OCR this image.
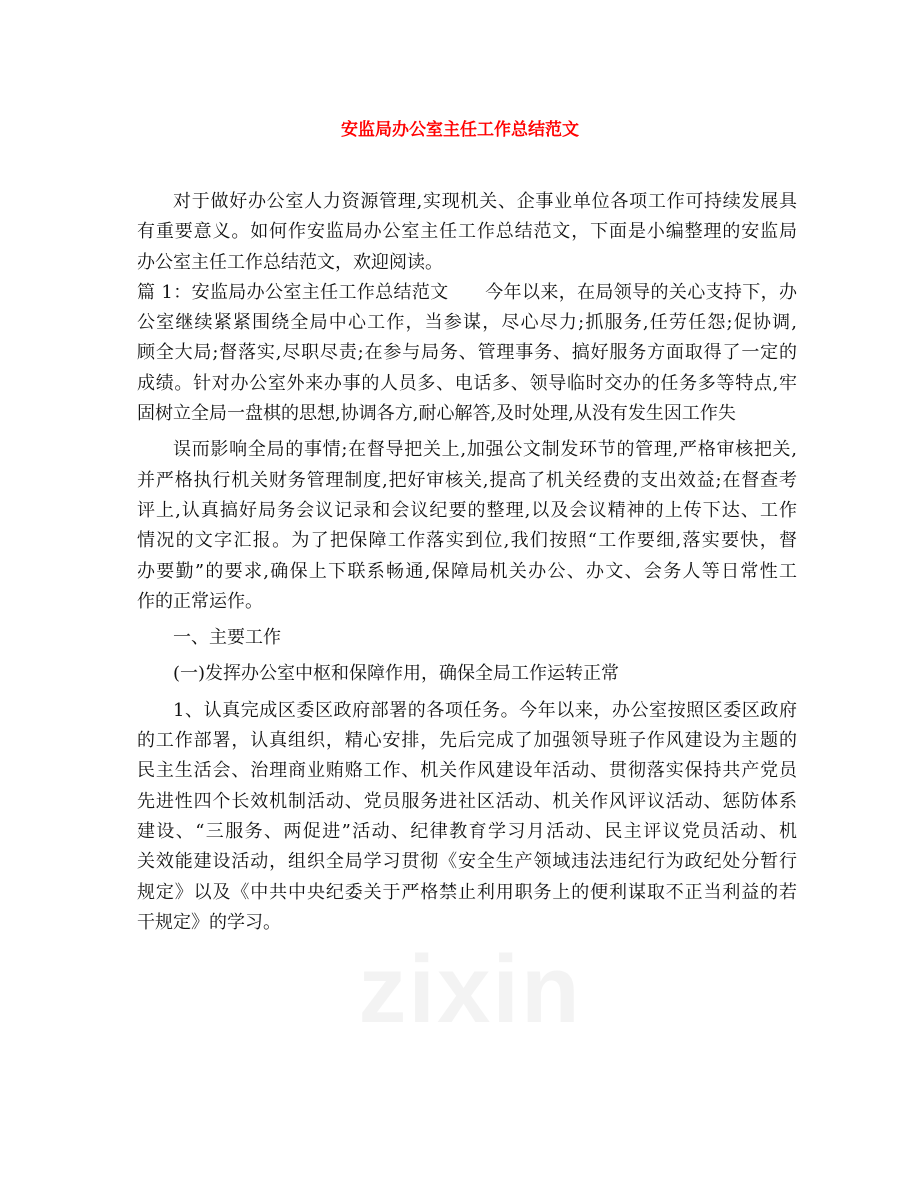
安监局办公室主任工作总结范文
对于做好办公室人力资源管理,实现机关、企事业单位各项工作可持续发展具
有重要意义。如何作安监局办公室主任工作总结范文，下面是小编整理的安监局
办公室主任工作总结范文，欢迎阅读。
篇 1：安监局办公室主任工作总结范文　　今年以来，在局领导的关心支持下，办
公室继续紧紧围绕全局中心工作，当参谋，尽心尽力;抓服务,任劳任怨;促协调,
顾全大局;督落实,尽职尽责;在参与局务、管理事务、搞好服务方面取得了一定的
成绩。针对办公室外来办事的人员多、电话多、领导临时交办的任务多等特点,牢
固树立全局一盘棋的思想,协调各方,耐心解答,及时处理,从没有发生因工作失
误而影响全局的事情;在督导把关上,加强公文制发环节的管理,严格审核把关,
并严格执行机关财务管理制度,把好审核关,提高了机关经费的支出效益;在督查考
评上,认真搞好局务会议记录和会议纪要的整理,以及会议精神的上传下达、工作
情况的文字汇报。为了把保障工作落实到位,我们按照“工作要细,落实要快，督
办要勤”的要求,确保上下联系畅通,保障局机关办公、办文、会务人等日常性工
作的正常运作。
一、主要工作
(一)发挥办公室中枢和保障作用，确保全局工作运转正常
1、认真完成区委区政府部署的各项任务。今年以来，办公室按照区委区政府
的工作部署，认真组织，精心安排，先后完成了加强领导班子作风建设为主题的
民主生活会、治理商业贿赂工作、机关作风建设年活动、贯彻落实保持共产党员
先进性四个长效机制活动、党员服务进社区活动、机关作风评议活动、惩防体系
建设、“三服务、两促进”活动、纪律教育学习月活动、民主评议党员活动、机
关效能建设活动，组织全局学习贯彻《安全生产领域违法违纪行为政纪处分暂行
规定》以及《中共中央纪委关于严格禁止利用职务上的便利谋取不正当利益的若
干规定》的学习。
zixin
